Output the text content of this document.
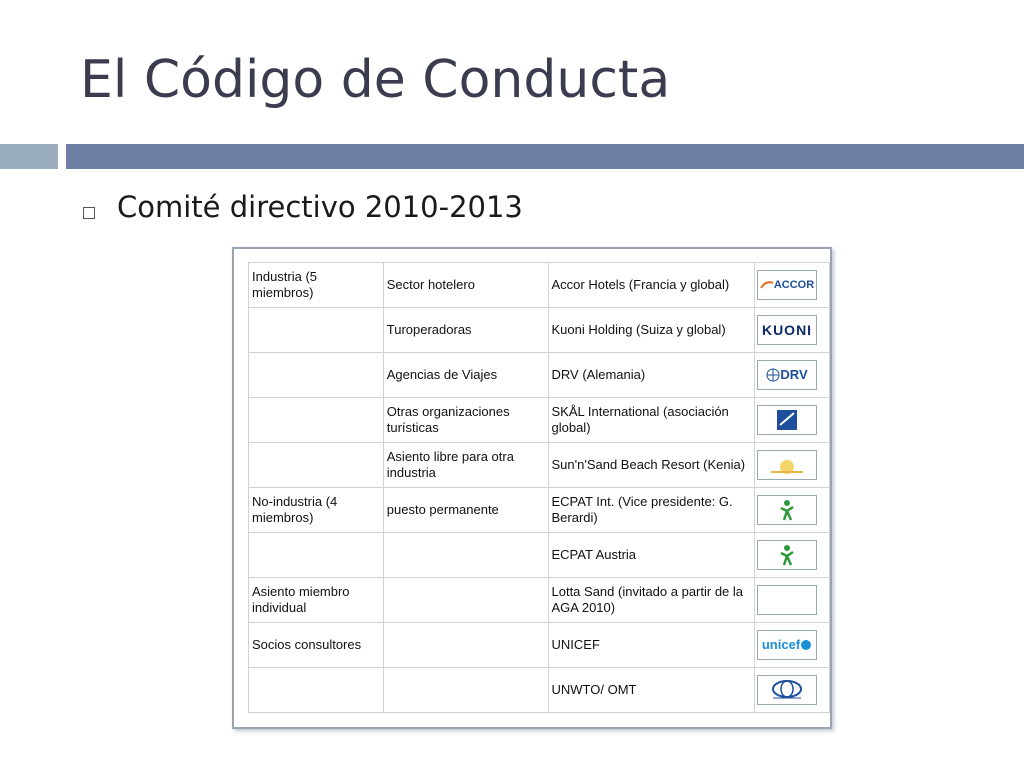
El Código de Conducta
Comité directivo 2010-2013
Industria (5 miembros)	Sector hotelero	Accor Hotels (Francia y global)	ACCOR

	Turoperadoras	Kuoni Holding (Suiza y global)	KUONI

	Agencias de Viajes	DRV (Alemania)	DRV

	Otras organizaciones turísticas	SKÅL International (asociación global)	

	Asiento libre para otra industria	Sun'n'Sand Beach Resort (Kenia)	

No-industria (4 miembros)	puesto permanente	ECPAT Int. (Vice presidente: G. Berardi)	

		ECPAT Austria	

Asiento miembro individual		Lotta Sand (invitado a partir de la AGA 2010)	

Socios consultores		UNICEF	unicef

		UNWTO/ OMT	
